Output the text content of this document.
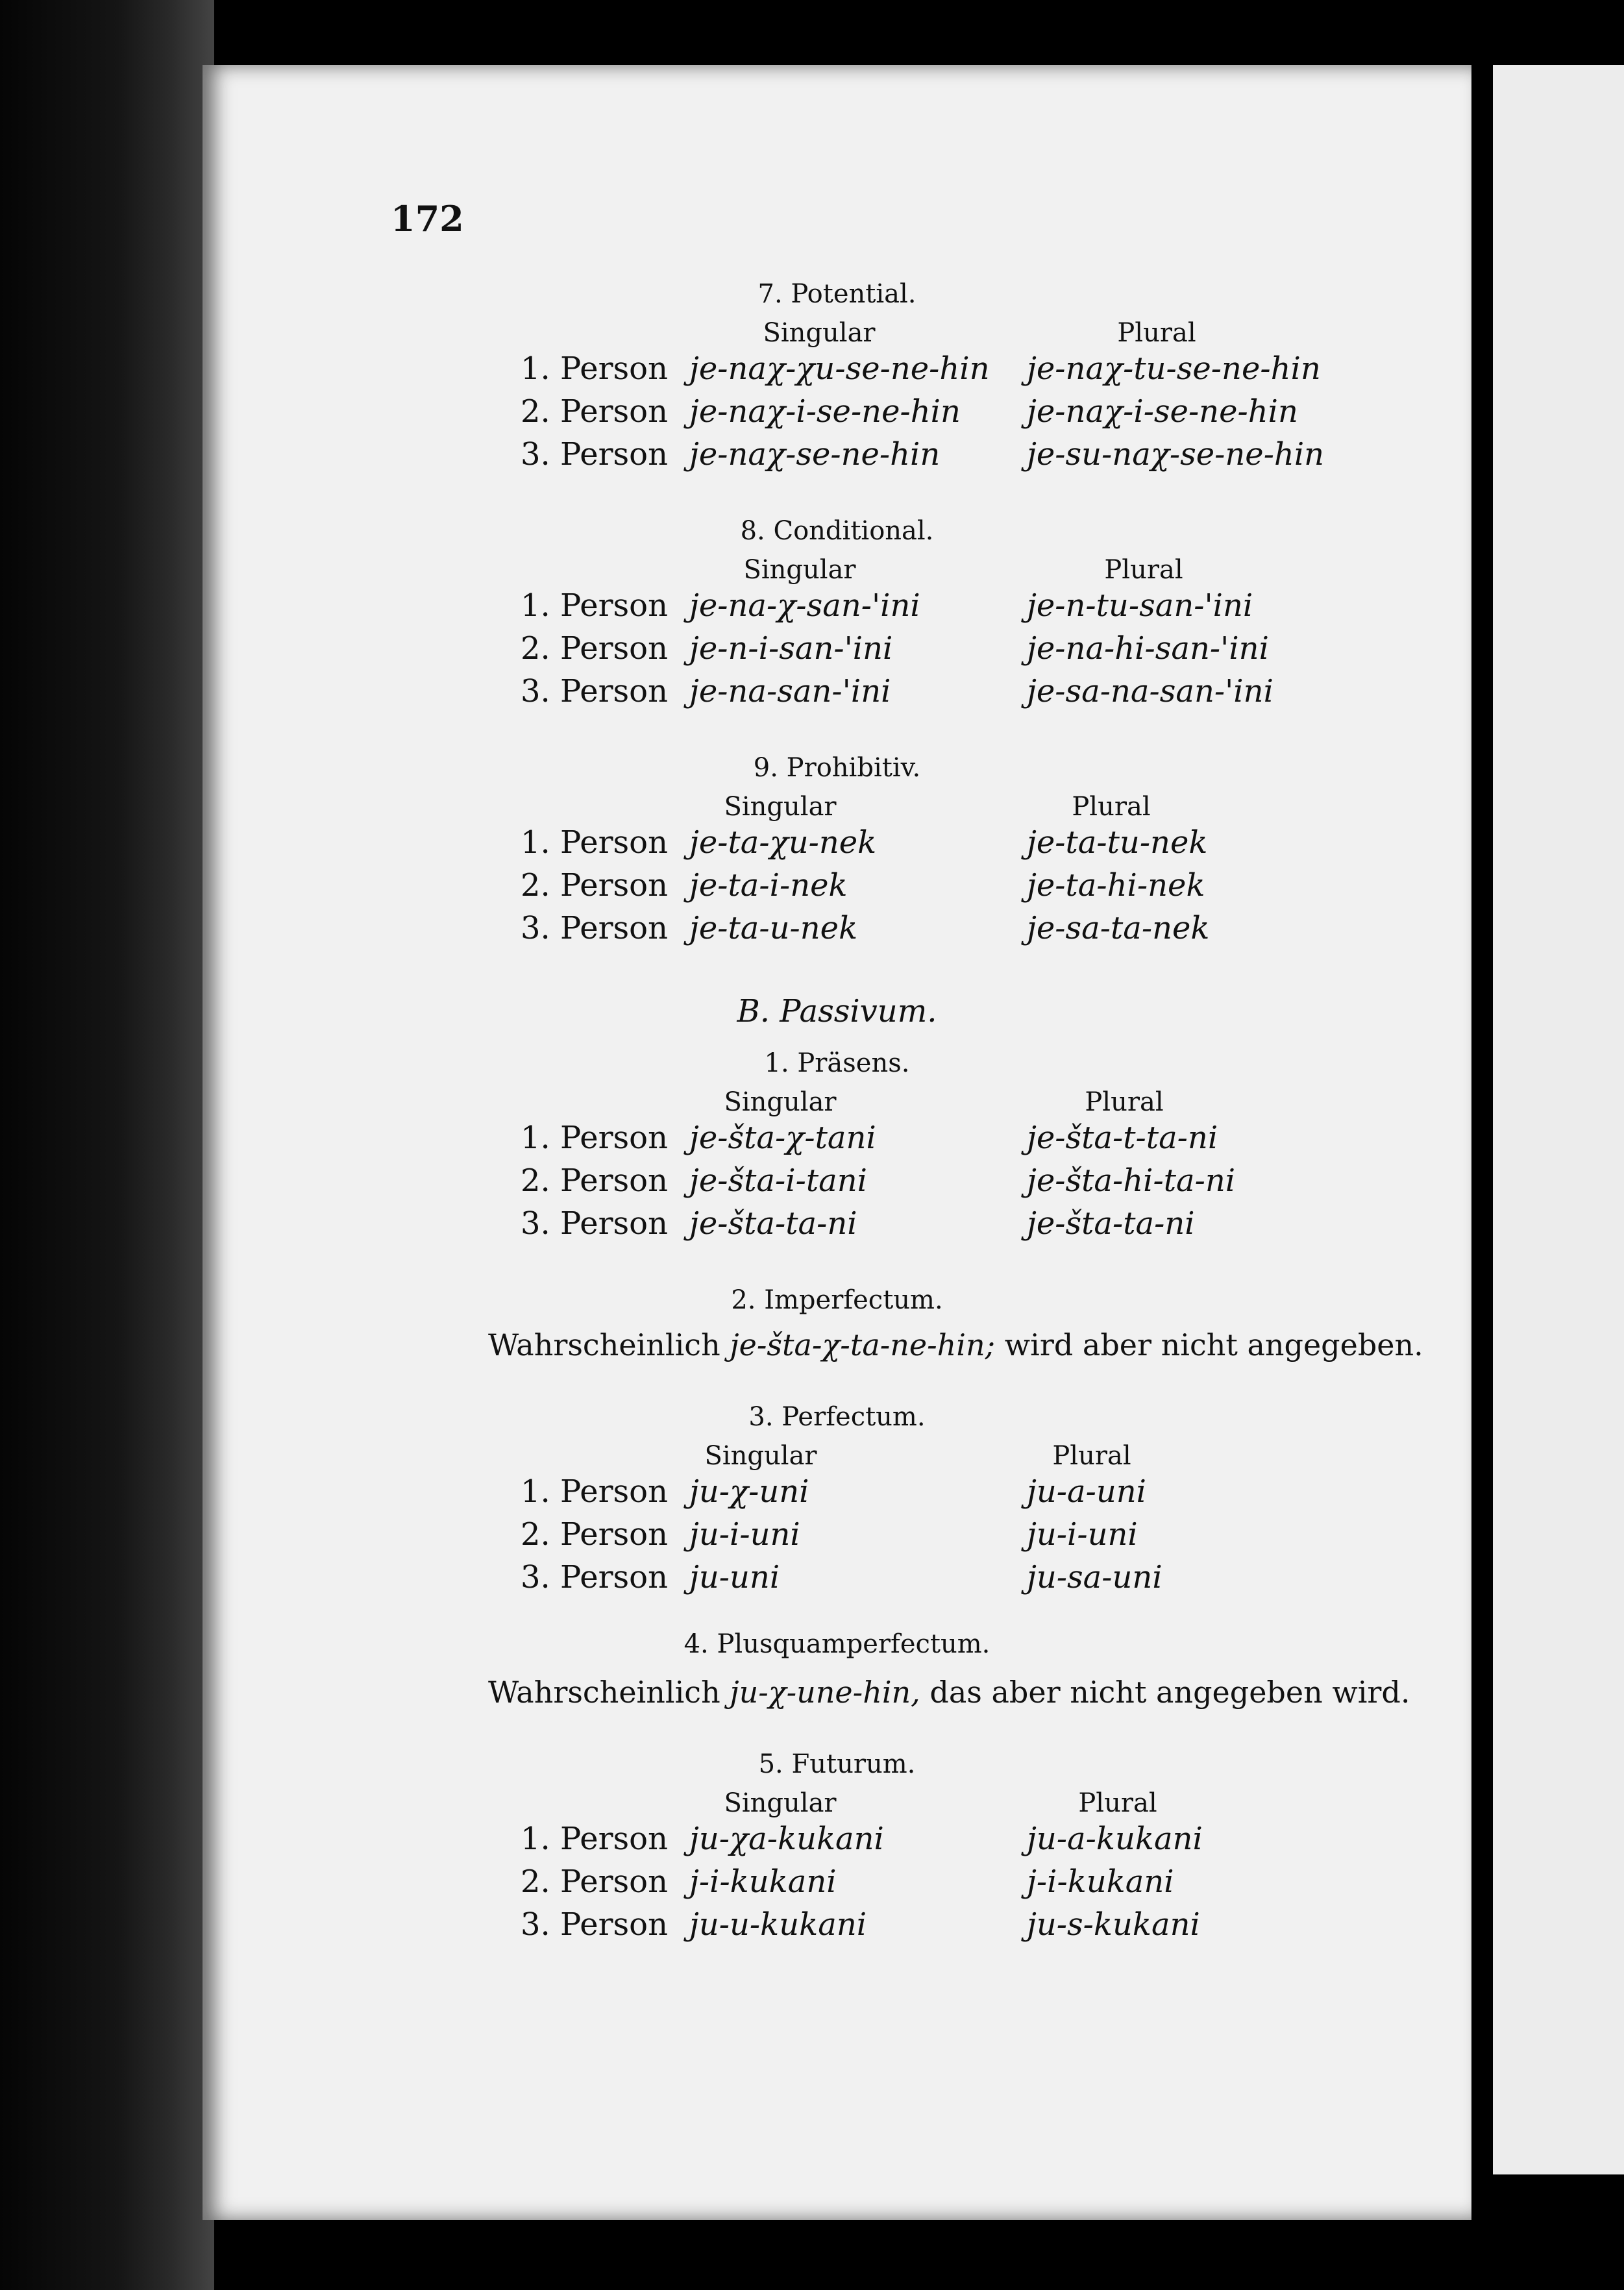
172
7. Potential.
Singular	Plural
1. Person je-naχ-χu-se-ne-hin je-naχ-tu-se-ne-hin
2. Person je-naχ-i-se-ne-hin je-naχ-i-se-ne-hin
3. Person je-naχ-se-ne-hin	je-su-naχ-se-ne-hin
8. Conditional.
Singular	Plural
1. Person je-na-χ-san-'ini	je-n-tu-san-'ini
2. Person je-n-i-san-'ini	je-na-hi-san-'ini
3. Person je-na-san-'ini	je-sa-na-san-'ini
9. Prohibitiv.
Singular	Plural
1. Person je-ta-χu-nek	je-ta-tu-nek
2. Person je-ta-i-nek	je-ta-hi-nek
3. Person je-ta-u-nek	je-sa-ta-nek
B. Passivum.
1. Präsens.
Singular	Plural
1. Person je-šta-χ-tani	je-šta-t-ta-ni
2. Person je-šta-i-tani	je-šta-hi-ta-ni
3. Person je-šta-ta-ni	je-šta-ta-ni
2. Imperfectum.
Wahrscheinlich je-šta-χ-ta-ne-hin; wird aber nicht angegeben.
3. Perfectum.
Singular	Plural
1. Person ju-χ-uni	ju-a-uni
2. Person ju-i-uni	ju-i-uni
3. Person ju-uni	ju-sa-uni
4. Plusquamperfectum.
Wahrscheinlich ju-χ-une-hin, das aber nicht angegeben wird.
5. Futurum.
Singular	Plural
1. Person ju-χa-kukani	ju-a-kukani
2. Person j-i-kukani	j-i-kukani
3. Person ju-u-kukani	ju-s-kukani
